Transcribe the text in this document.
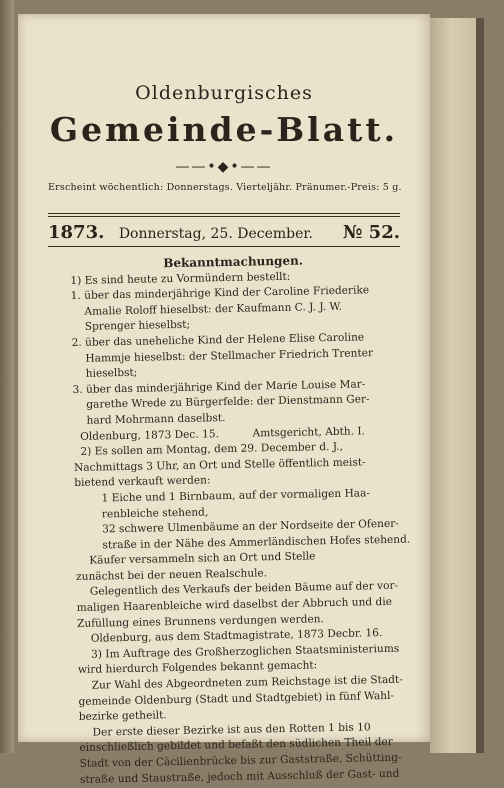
Oldenburgisches
Gemeinde-Blatt.
——•◆•——
Erscheint wöchentlich: Donnerstags. Vierteljähr. Pränumer.-Preis: 5 g.
1873. Donnerstag, 25. December. № 52.

Bekanntmachungen.

1) Es sind heute zu Vormündern bestellt:

1. über das minderjährige Kind der Caroline Friederike

Amalie Roloff hieselbst: der Kaufmann C. J. J. W.

Sprenger hieselbst;

2. über das uneheliche Kind der Helene Elise Caroline

Hammje hieselbst: der Stellmacher Friedrich Trenter

hieselbst;

3. über das minderjährige Kind der Marie Louise Mar-

garethe Wrede zu Bürgerfelde: der Dienstmann Ger-

hard Mohrmann daselbst.

Oldenburg, 1873 Dec. 15.          Amtsgericht, Abth. I.

2) Es sollen am Montag, dem 29. December d. J.,

Nachmittags 3 Uhr, an Ort und Stelle öffentlich meist-

bietend verkauft werden:

1 Eiche und 1 Birnbaum, auf der vormaligen Haa-

renbleiche stehend,

32 schwere Ulmenbäume an der Nordseite der Ofener-

straße in der Nähe des Ammerländischen Hofes stehend.

Käufer versammeln sich an Ort und Stelle

zunächst bei der neuen Realschule.

Gelegentlich des Verkaufs der beiden Bäume auf der vor-

maligen Haarenbleiche wird daselbst der Abbruch und die

Zufüllung eines Brunnens verdungen werden.

Oldenburg, aus dem Stadtmagistrate, 1873 Decbr. 16.

3) Im Auftrage des Großherzoglichen Staatsministeriums

wird hierdurch Folgendes bekannt gemacht:

Zur Wahl des Abgeordneten zum Reichstage ist die Stadt-

gemeinde Oldenburg (Stadt und Stadtgebiet) in fünf Wahl-

bezirke getheilt.

Der erste dieser Bezirke ist aus den Rotten 1 bis 10

einschließlich gebildet und befaßt den südlichen Theil der

Stadt von der Cäcilienbrücke bis zur Gaststraße, Schütting-

straße und Staustraße, jedoch mit Ausschluß der Gast- und
